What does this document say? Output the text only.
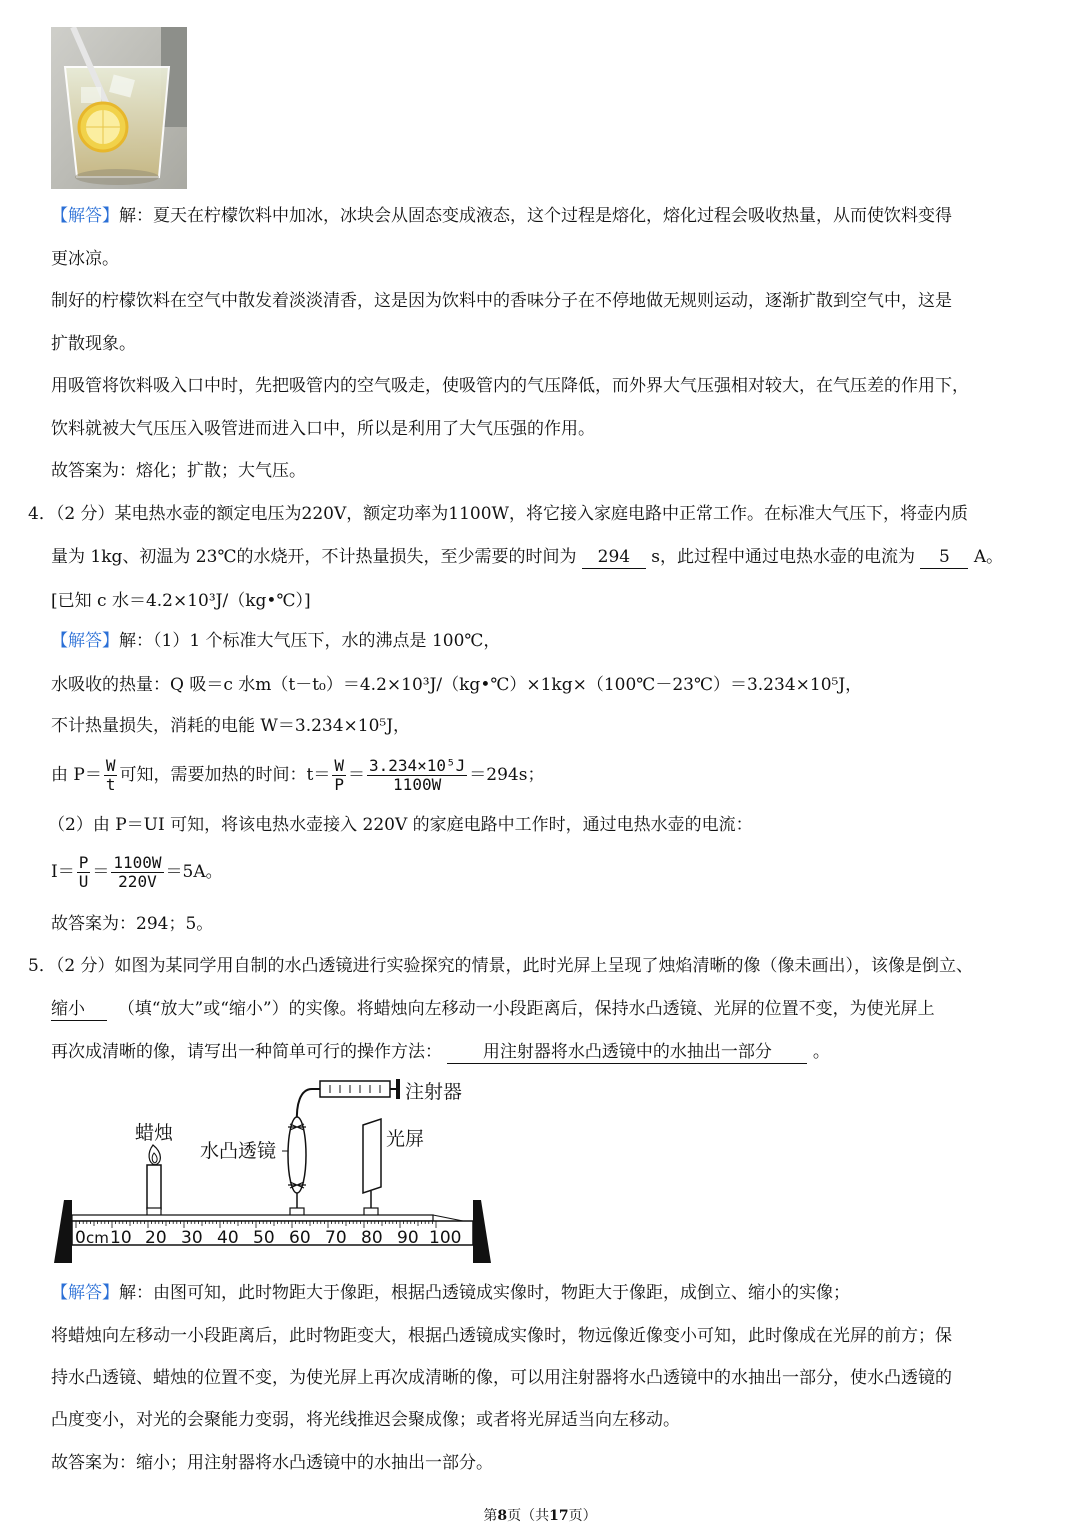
【解答】解：夏天在柠檬饮料中加冰，冰块会从固态变成液态，这个过程是熔化，熔化过程会吸收热量，从而使饮料变得
更冰凉。
制好的柠檬饮料在空气中散发着淡淡清香，这是因为饮料中的香味分子在不停地做无规则运动，逐渐扩散到空气中，这是
扩散现象。
用吸管将饮料吸入口中时，先把吸管内的空气吸走，使吸管内的气压降低，而外界大气压强相对较大，在气压差的作用下，
饮料就被大气压压入吸管进而进入口中，所以是利用了大气压强的作用。
故答案为：熔化；扩散；大气压。
4．（2 分）某电热水壶的额定电压为220V，额定功率为1100W，将它接入家庭电路中正常工作。在标准大气压下，将壶内质
量为 1kg、初温为 23℃的水烧开，不计热量损失，至少需要的时间为 294 s，此过程中通过电热水壶的电流为 5 A。
[已知 c 水＝4.2×10³J/（kg•℃）]
【解答】解：（1）1 个标准大气压下，水的沸点是 100℃，
水吸收的热量：Q 吸＝c 水m（t－t₀）＝4.2×10³J/（kg•℃）×1kg×（100℃－23℃）＝3.234×10⁵J，
不计热量损失，消耗的电能 W＝3.234×10⁵J，
由 $P= \frac{W}{t}$ 可知，需要加热的时间：$t= \frac{W}{P} = \frac{\text{3.234×10⁵J}}{1100W} =294s$；
（2）由 P＝UI 可知，将该电热水壶接入 220V 的家庭电路中工作时，通过电热水壶的电流：
$I= \frac{P}{U} = \frac{1100W}{220V} =5A$。
故答案为：294；5。
5．（2 分）如图为某同学用自制的水凸透镜进行实验探究的情景，此时光屏上呈现了烛焰清晰的像（像未画出），该像是倒立、
缩小 （填“放大”或“缩小”）的实像。将蜡烛向左移动一小段距离后，保持水凸透镜、光屏的位置不变，为使光屏上
再次成清晰的像，请写出一种简单可行的操作方法： 用注射器将水凸透镜中的水抽出一部分 。
注射器
水凸透镜
蜡烛	光屏
0 cm 10 20 30 40 50 60 70 80 90 100
【解答】解：由图可知，此时物距大于像距，根据凸透镜成实像时，物距大于像距，成倒立、缩小的实像；
将蜡烛向左移动一小段距离后，此时物距变大，根据凸透镜成实像时，物远像近像变小可知，此时像成在光屏的前方；保
持水凸透镜、蜡烛的位置不变，为使光屏上再次成清晰的像，可以用注射器将水凸透镜中的水抽出一部分，使水凸透镜的
凸度变小，对光的会聚能力变弱，将光线推迟会聚成像；或者将光屏适当向左移动。
故答案为：缩小；用注射器将水凸透镜中的水抽出一部分。
第8页（共17页）
